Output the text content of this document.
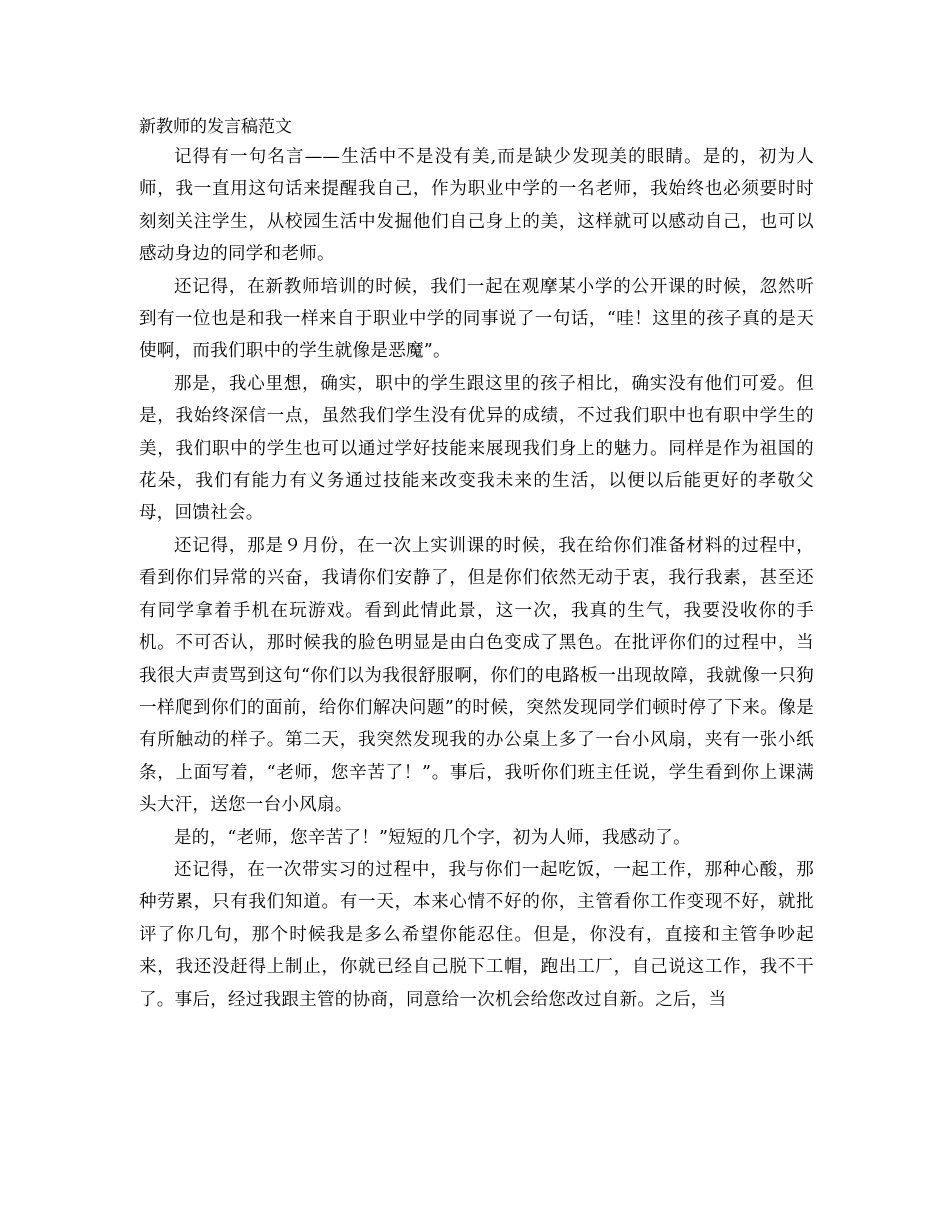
新教师的发言稿范文

记得有一句名言——生活中不是没有美,而是缺少发现美的眼睛。是的，初为人师，我一直用这句话来提醒我自己，作为职业中学的一名老师，我始终也必须要时时刻刻关注学生，从校园生活中发掘他们自己身上的美，这样就可以感动自己，也可以感动身边的同学和老师。

还记得，在新教师培训的时候，我们一起在观摩某小学的公开课的时候，忽然听到有一位也是和我一样来自于职业中学的同事说了一句话，“哇！这里的孩子真的是天使啊，而我们职中的学生就像是恶魔”。

那是，我心里想，确实，职中的学生跟这里的孩子相比，确实没有他们可爱。但是，我始终深信一点，虽然我们学生没有优异的成绩，不过我们职中也有职中学生的美，我们职中的学生也可以通过学好技能来展现我们身上的魅力。同样是作为祖国的花朵，我们有能力有义务通过技能来改变我未来的生活，以便以后能更好的孝敬父母，回馈社会。

还记得，那是９月份，在一次上实训课的时候，我在给你们准备材料的过程中，看到你们异常的兴奋，我请你们安静了，但是你们依然无动于衷，我行我素，甚至还有同学拿着手机在玩游戏。看到此情此景，这一次，我真的生气，我要没收你的手机。不可否认，那时候我的脸色明显是由白色变成了黑色。在批评你们的过程中，当我很大声责骂到这句“你们以为我很舒服啊，你们的电路板一出现故障，我就像一只狗一样爬到你们的面前，给你们解决问题”的时候，突然发现同学们顿时停了下来。像是有所触动的样子。第二天，我突然发现我的办公桌上多了一台小风扇，夹有一张小纸条，上面写着，“老师，您辛苦了！”。事后，我听你们班主任说，学生看到你上课满头大汗，送您一台小风扇。

是的，“老师，您辛苦了！”短短的几个字，初为人师，我感动了。

还记得，在一次带实习的过程中，我与你们一起吃饭，一起工作，那种心酸，那种劳累，只有我们知道。有一天，本来心情不好的你，主管看你工作变现不好，就批评了你几句，那个时候我是多么希望你能忍住。但是，你没有，直接和主管争吵起来，我还没赶得上制止，你就已经自己脱下工帽，跑出工厂，自己说这工作，我不干了。事后，经过我跟主管的协商，同意给一次机会给您改过自新。之后，当
